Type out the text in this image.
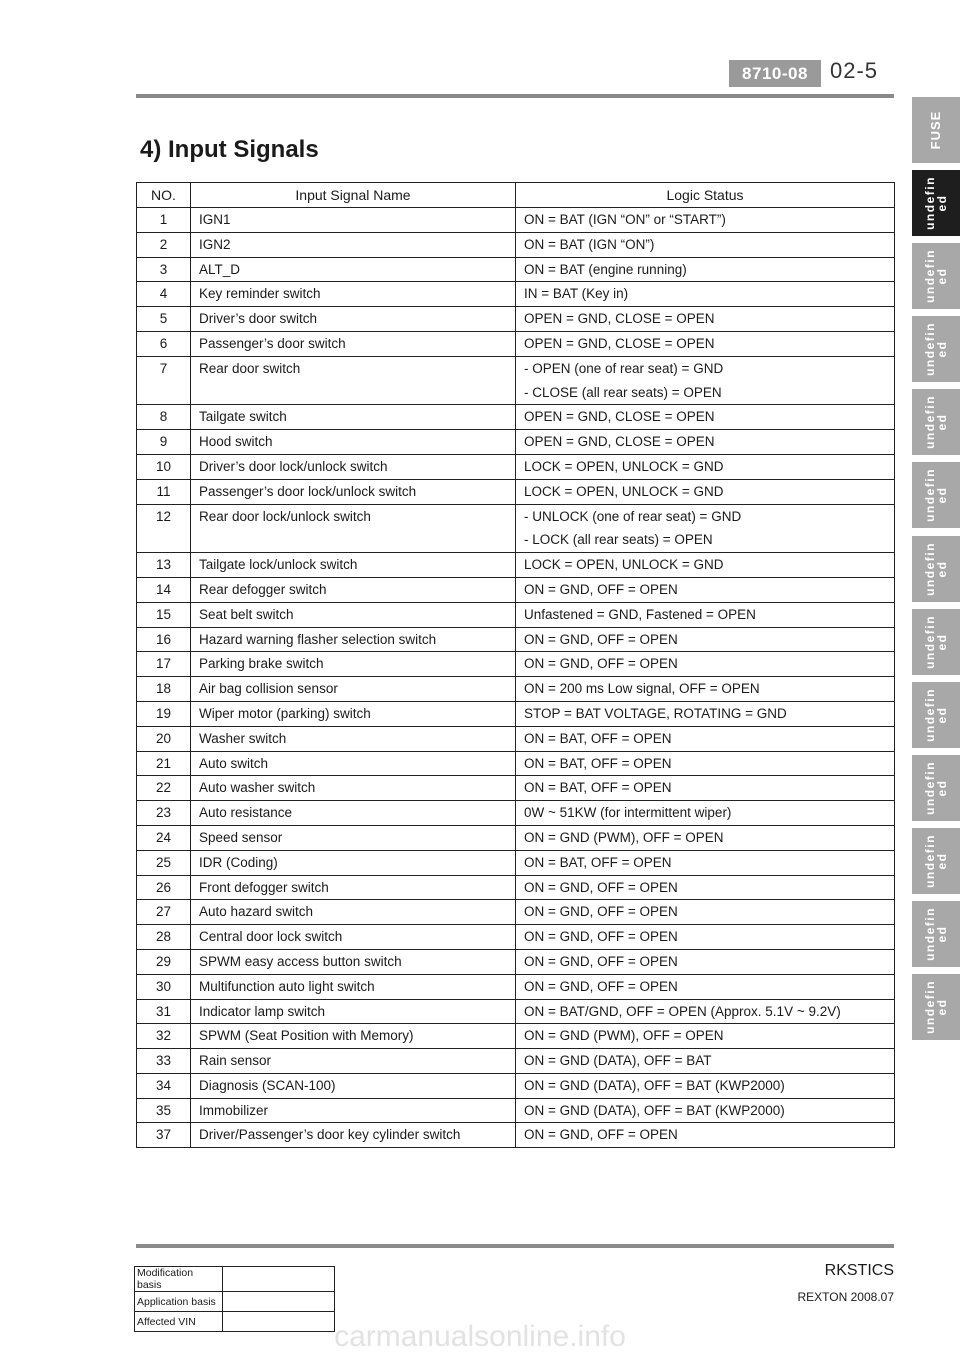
8710-08	02-5
4) Input Signals
NO.	Input Signal Name	Logic Status
1	IGN1	ON = BAT (IGN “ON” or “START”)

2	IGN2	ON = BAT (IGN “ON”)

3	ALT_D	ON = BAT (engine running)

4	Key reminder switch	IN = BAT (Key in)

5	Driver’s door switch	OPEN = GND, CLOSE = OPEN

6	Passenger’s door switch	OPEN = GND, CLOSE = OPEN

7	Rear door switch	- OPEN (one of rear seat) = GND
- CLOSE (all rear seats) = OPEN

8	Tailgate switch	OPEN = GND, CLOSE = OPEN

9	Hood switch	OPEN = GND, CLOSE = OPEN

10	Driver’s door lock/unlock switch	LOCK = OPEN, UNLOCK = GND

11	Passenger’s door lock/unlock switch	LOCK = OPEN, UNLOCK = GND

12	Rear door lock/unlock switch	- UNLOCK (one of rear seat) = GND
- LOCK (all rear seats) = OPEN

13	Tailgate lock/unlock switch	LOCK = OPEN, UNLOCK = GND

14	Rear defogger switch	ON = GND, OFF = OPEN

15	Seat belt switch	Unfastened = GND, Fastened = OPEN

16	Hazard warning flasher selection switch	ON = GND, OFF = OPEN

17	Parking brake switch	ON = GND, OFF = OPEN

18	Air bag collision sensor	ON = 200 ms Low signal, OFF = OPEN

19	Wiper motor (parking) switch	STOP = BAT VOLTAGE, ROTATING = GND

20	Washer switch	ON = BAT, OFF = OPEN

21	Auto switch	ON = BAT, OFF = OPEN

22	Auto washer switch	ON = BAT, OFF = OPEN

23	Auto resistance	0W ~ 51KW (for intermittent wiper)

24	Speed sensor	ON = GND (PWM), OFF = OPEN

25	IDR (Coding)	ON = BAT, OFF = OPEN

26	Front defogger switch	ON = GND, OFF = OPEN

27	Auto hazard switch	ON = GND, OFF = OPEN

28	Central door lock switch	ON = GND, OFF = OPEN

29	SPWM easy access button switch	ON = GND, OFF = OPEN

30	Multifunction auto light switch	ON = GND, OFF = OPEN

31	Indicator lamp switch	ON = BAT/GND, OFF = OPEN (Approx. 5.1V ~ 9.2V)

32	SPWM (Seat Position with Memory)	ON = GND (PWM), OFF = OPEN

33	Rain sensor	ON = GND (DATA), OFF = BAT

34	Diagnosis (SCAN-100)	ON = GND (DATA), OFF = BAT (KWP2000)

35	Immobilizer	ON = GND (DATA), OFF = BAT (KWP2000)

37	Driver/Passenger’s door key cylinder switch	ON = GND, OFF = OPEN
FUSE
undefin
ed
undefin
ed
undefin
ed
undefin
ed
undefin
ed
undefin
ed
undefin
ed
undefin
ed
undefin
ed
undefin
ed
undefin
ed
undefin
ed
Modification basis	
Application basis	
Affected VIN	
RKSTICS
REXTON 2008.07
carmanualsonline.info
